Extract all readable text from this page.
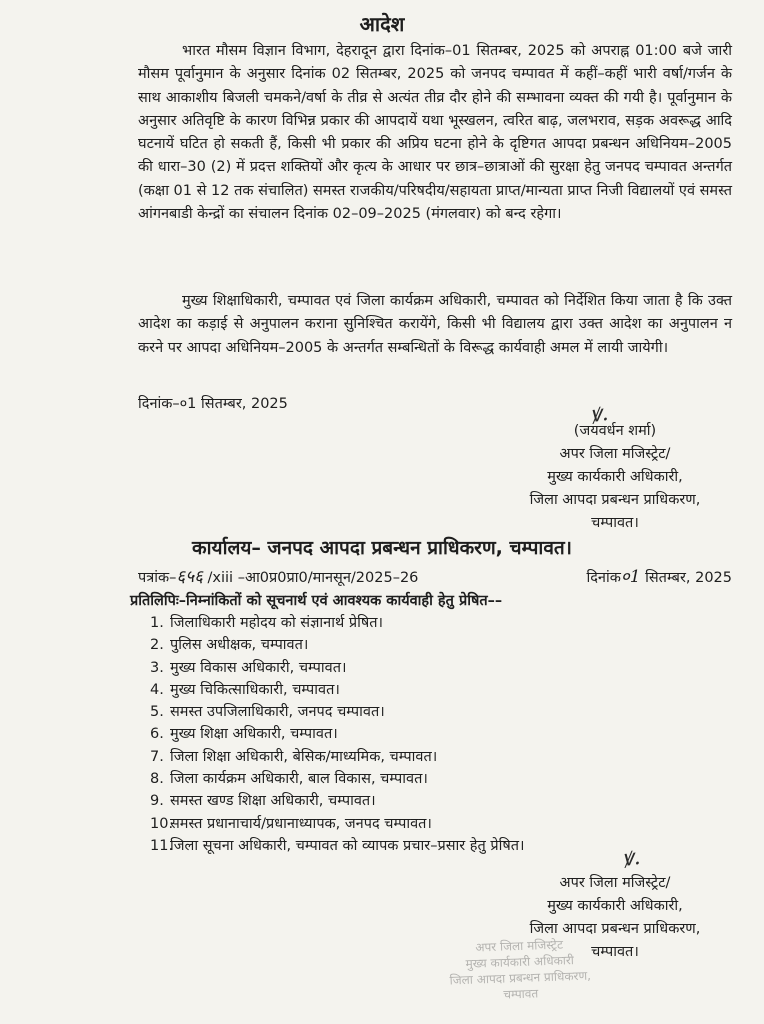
आदेश

भारत मौसम विज्ञान विभाग, देहरादून द्वारा दिनांक–01 सितम्बर, 2025 को अपराह्न 01:00 बजे जारी मौसम पूर्वानुमान के अनुसार दिनांक 02 सितम्बर, 2025 को जनपद चम्पावत में कहीं–कहीं भारी वर्षा/गर्जन के साथ आकाशीय बिजली चमकने/वर्षा के तीव्र से अत्यंत तीव्र दौर होने की सम्भावना व्यक्त की गयी है। पूर्वानुमान के अनुसार अतिवृष्टि के कारण विभिन्न प्रकार की आपदायें यथा भूस्खलन, त्वरित बाढ़, जलभराव, सड़क अवरूद्ध आदि घटनायें घटित हो सकती हैं, किसी भी प्रकार की अप्रिय घटना होने के दृष्टिगत आपदा प्रबन्धन अधिनियम–2005 की धारा–30 (2) में प्रदत्त शक्तियों और कृत्य के आधार पर छात्र–छात्राओं की सुरक्षा हेतु जनपद चम्पावत अन्तर्गत (कक्षा 01 से 12 तक संचालित) समस्त राजकीय/परिषदीय/सहायता प्राप्त/मान्यता प्राप्त निजी विद्यालयों एवं समस्त आंगनबाडी केन्द्रों का संचालन दिनांक 02–09–2025 (मंगलवार) को बन्द रहेगा।

मुख्य शिक्षाधिकारी, चम्पावत एवं जिला कार्यक्रम अधिकारी, चम्पावत को निर्देशित किया जाता है कि उक्त आदेश का कड़ाई से अनुपालन कराना सुनिश्चित करायेंगे, किसी भी विद्यालय द्वारा उक्त आदेश का अनुपालन न करने पर आपदा अधिनियम–2005 के अन्तर्गत सम्बन्धितों के विरूद्ध कार्यवाही अमल में लायी जायेगी।

दिनांक–०1 सितम्बर, 2025	ꝟ.
(जयवर्धन शर्मा)
अपर जिला मजिस्ट्रेट/
मुख्य कार्यकारी अधिकारी,
जिला आपदा प्रबन्धन प्राधिकरण,
चम्पावत।
कार्यालय– जनपद आपदा प्रबन्धन प्राधिकरण, चम्पावत।
पत्रांक–६५६ /xiii –आ0प्र0प्रा0/मानसून/2025–26	दिनांक०1 सितम्बर, 2025
प्रतिलिपिः–निम्नांकितों को सूचनार्थ एवं आवश्यक कार्यवाही हेतु प्रेषित––
1. जिलाधिकारी महोदय को संज्ञानार्थ प्रेषित।
2. पुलिस अधीक्षक, चम्पावत।
3. मुख्य विकास अधिकारी, चम्पावत।
4. मुख्य चिकित्साधिकारी, चम्पावत।
5. समस्त उपजिलाधिकारी, जनपद चम्पावत।
6. मुख्य शिक्षा अधिकारी, चम्पावत।
7. जिला शिक्षा अधिकारी, बेसिक/माध्यमिक, चम्पावत।
8. जिला कार्यक्रम अधिकारी, बाल विकास, चम्पावत।
9. समस्त खण्ड शिक्षा अधिकारी, चम्पावत।
10.समस्त प्रधानाचार्य/प्रधानाध्यापक, जनपद चम्पावत।
11.जिला सूचना अधिकारी, चम्पावत को व्यापक प्रचार–प्रसार हेतु प्रेषित।	ꝟ.
अपर जिला मजिस्ट्रेट/
मुख्य कार्यकारी अधिकारी,
जिला आपदा प्रबन्धन प्राधिकरण,
चम्पावत।
अपर जिला मजिस्ट्रेट
मुख्य कार्यकारी अधिकारी
जिला आपदा प्रबन्धन प्राधिकरण,
चम्पावत
